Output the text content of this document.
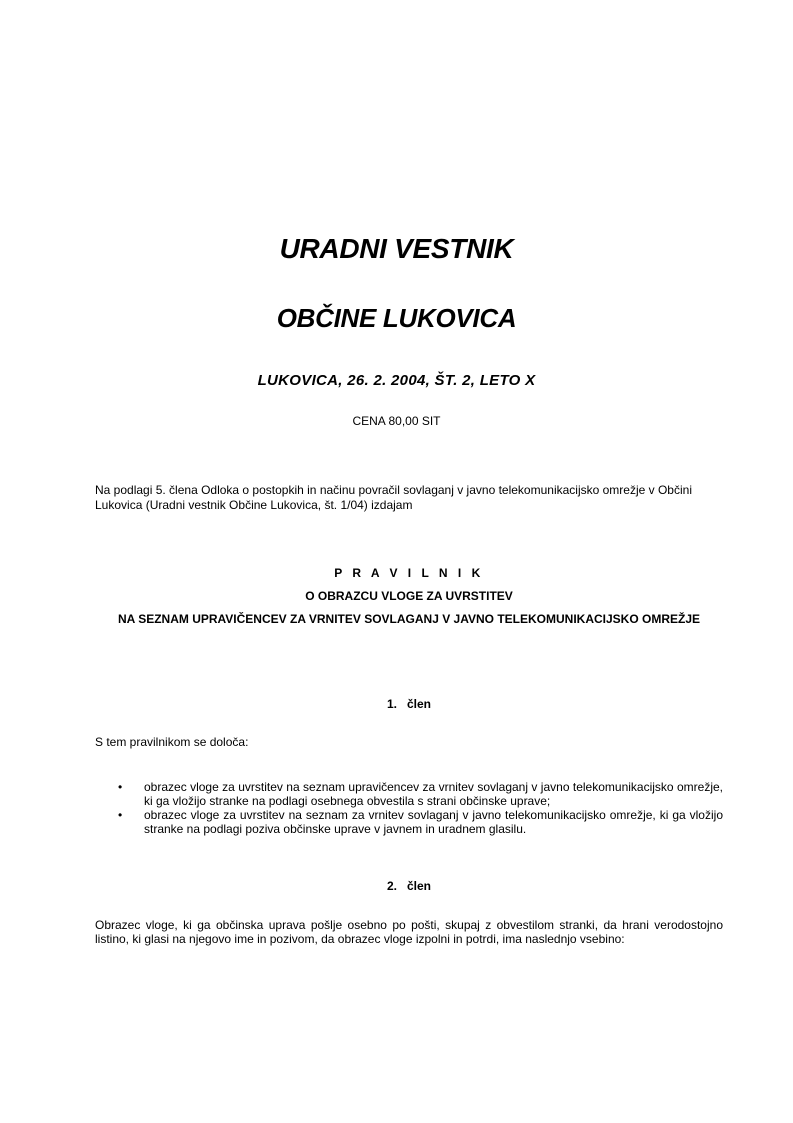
URADNI VESTNIK
OBČINE LUKOVICA
LUKOVICA, 26. 2. 2004, ŠT. 2, LETO X
CENA 80,00 SIT
Na podlagi 5. člena Odloka o postopkih in načinu povračil sovlaganj v javno telekomunikacijsko omrežje v Občini Lukovica (Uradni vestnik Občine Lukovica, št. 1/04) izdajam
P R A V I L N I K
O OBRAZCU VLOGE ZA UVRSTITEV
NA SEZNAM UPRAVIČENCEV ZA VRNITEV SOVLAGANJ V JAVNO TELEKOMUNIKACIJSKO OMREŽJE
1.   člen
S tem pravilnikom se določa:
• obrazec vloge za uvrstitev na seznam upravičencev za vrnitev sovlaganj v javno telekomunikacijsko omrežje, ki ga vložijo stranke na podlagi osebnega obvestila s strani občinske uprave;
• obrazec vloge za uvrstitev na seznam za vrnitev sovlaganj v javno telekomunikacijsko omrežje, ki ga vložijo stranke na podlagi poziva občinske uprave v javnem in uradnem glasilu.
2.   člen
Obrazec vloge, ki ga občinska uprava pošlje osebno po pošti, skupaj z obvestilom stranki, da hrani verodostojno listino, ki glasi na njegovo ime in pozivom, da obrazec vloge izpolni in potrdi, ima naslednjo vsebino:
